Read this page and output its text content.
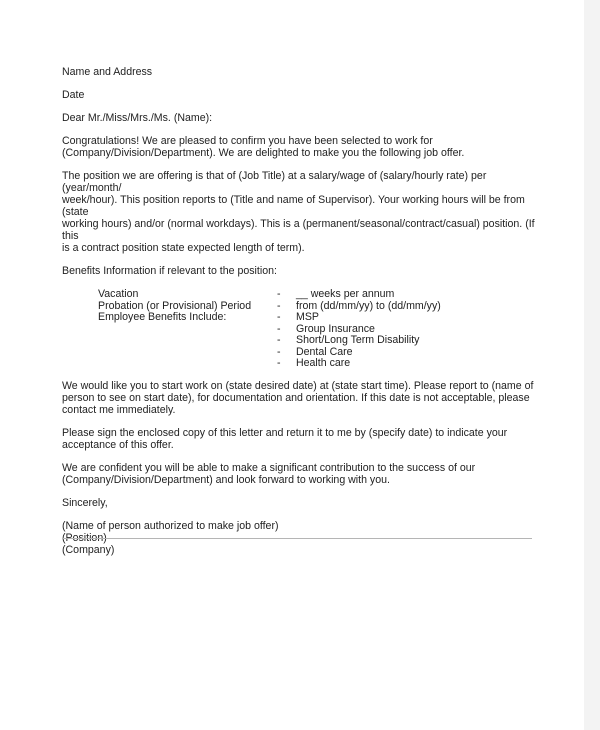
Name and Address

Date

Dear Mr./Miss/Mrs./Ms. (Name):

Congratulations! We are pleased to confirm you have been selected to work for

(Company/Division/Department). We are delighted to make you the following job offer.

The position we are offering is that of (Job Title) at a salary/wage of (salary/hourly rate) per (year/month/

week/hour). This position reports to (Title and name of Supervisor). Your working hours will be from (state

working hours) and/or (normal workdays). This is a (permanent/seasonal/contract/casual) position. (If this

is a contract position state expected length of term).

Benefits Information if relevant to the position:

Vacation	- __ weeks per annum
Probation (or Provisional) Period - from (dd/mm/yy) to (dd/mm/yy)
Employee Benefits Include:	- MSP
- Group Insurance
- Short/Long Term Disability
- Dental Care
- Health care

We would like you to start work on (state desired date) at (state start time). Please report to (name of

person to see on start date), for documentation and orientation. If this date is not acceptable, please

contact me immediately.

Please sign the enclosed copy of this letter and return it to me by (specify date) to indicate your

acceptance of this offer.

We are confident you will be able to make a significant contribution to the success of our

(Company/Division/Department) and look forward to working with you.

Sincerely,

(Name of person authorized to make job offer)

(Position)

(Company)
